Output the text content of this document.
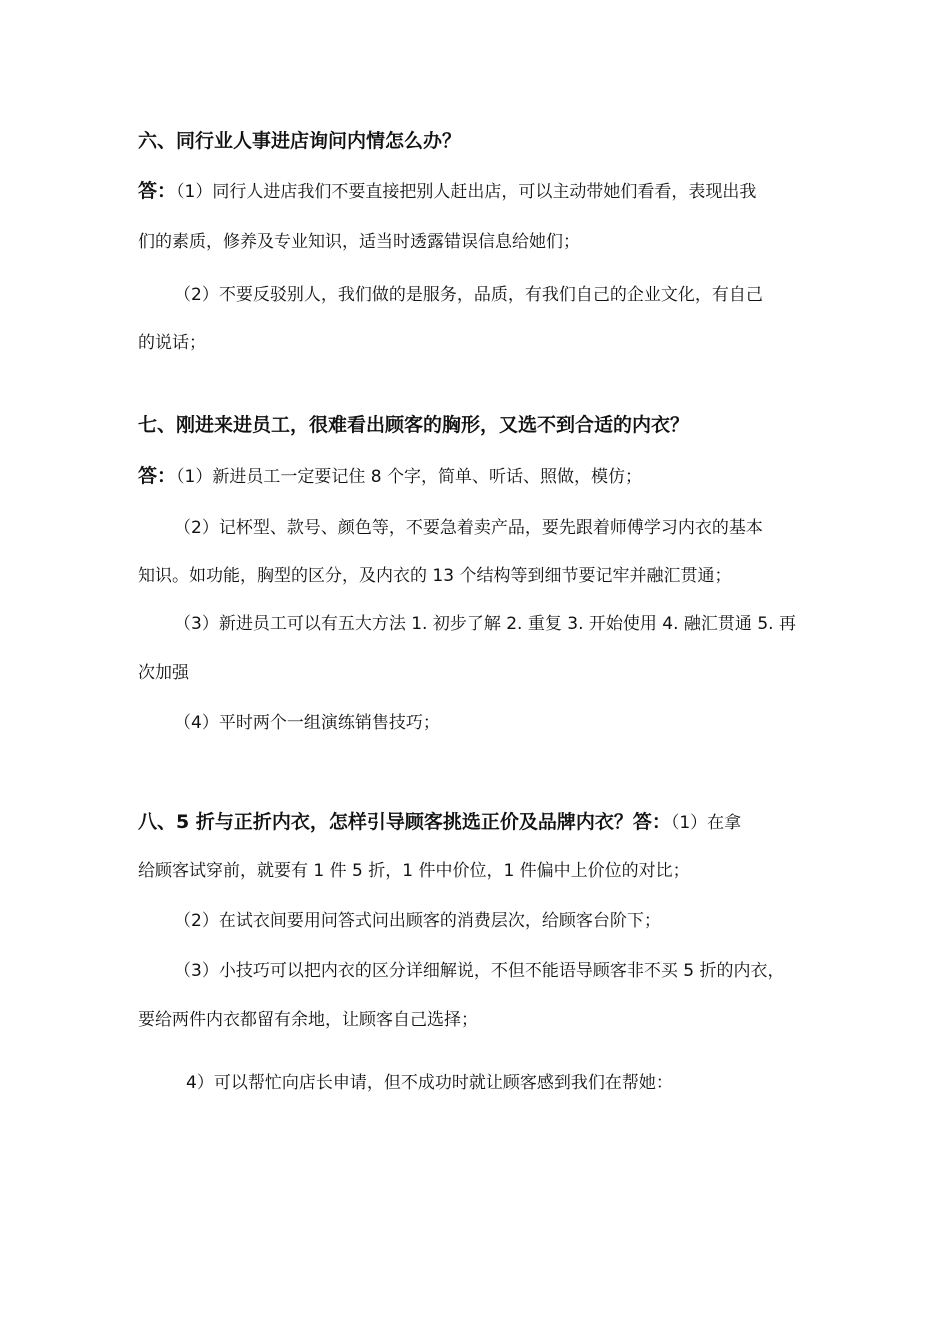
六、同行业人事进店询问内情怎么办？
答：（1）同行人进店我们不要直接把别人赶出店，可以主动带她们看看，表现出我
们的素质，修养及专业知识，适当时透露错误信息给她们；
（2）不要反驳别人，我们做的是服务，品质，有我们自己的企业文化，有自己
的说话；
七、刚进来进员工，很难看出顾客的胸形，又选不到合适的内衣？
答：（1）新进员工一定要记住 8 个字，简单、听话、照做，模仿；
（2）记杯型、款号、颜色等，不要急着卖产品，要先跟着师傅学习内衣的基本
知识。如功能，胸型的区分，及内衣的 13 个结构等到细节要记牢并融汇贯通；
（3）新进员工可以有五大方法 1. 初步了解 2. 重复 3. 开始使用 4. 融汇贯通 5. 再
次加强
（4）平时两个一组演练销售技巧；
八、5 折与正折内衣，怎样引导顾客挑选正价及品牌内衣？答：（1）在拿
给顾客试穿前，就要有 1 件 5 折，1 件中价位，1 件偏中上价位的对比；
（2）在试衣间要用问答式问出顾客的消费层次，给顾客台阶下；
（3）小技巧可以把内衣的区分详细解说，不但不能语导顾客非不买 5 折的内衣，
要给两件内衣都留有余地，让顾客自己选择；
4）可以帮忙向店长申请，但不成功时就让顾客感到我们在帮她：
